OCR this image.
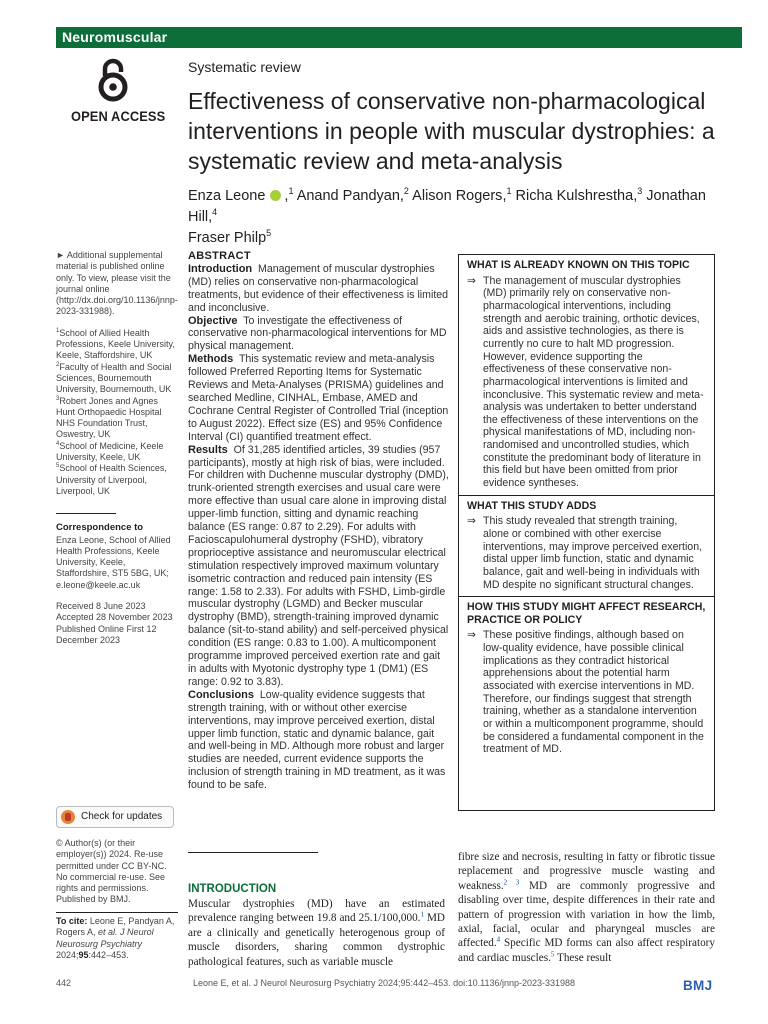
Neuromuscular
OPEN ACCESS
Systematic review
Effectiveness of conservative non-pharmacological interventions in people with muscular dystrophies: a systematic review and meta-analysis
Enza Leone ,$^1$ Anand Pandyan,$^2$ Alison Rogers,$^1$ Richa Kulshrestha,$^3$ Jonathan Hill,$^4$
Fraser Philp$^5$

► Additional supplemental material is published online only. To view, please visit the journal online (http://dx.doi.org/10.1136/jnnp-2023-331988).

$^1$School of Allied Health Professions, Keele University, Keele, Staffordshire, UK
$^2$Faculty of Health and Social Sciences, Bournemouth University, Bournemouth, UK
$^3$Robert Jones and Agnes Hunt Orthopaedic Hospital NHS Foundation Trust, Oswestry, UK
$^4$School of Medicine, Keele University, Keele, UK
$^5$School of Health Sciences, University of Liverpool, Liverpool, UK
Correspondence to

Enza Leone, School of Allied Health Professions, Keele University, Keele, Staffordshire, ST5 5BG, UK; e.leone@keele.ac.uk

Received 8 June 2023
Accepted 28 November 2023
Published Online First 12 December 2023
Check for updates
© Author(s) (or their employer(s)) 2024. Re-use permitted under CC BY-NC. No commercial re-use. See rights and permissions. Published by BMJ.
To cite: Leone E, Pandyan A, Rogers A, et al. J Neurol Neurosurg Psychiatry
2024;95:442–453.
ABSTRACT
Introduction Management of muscular dystrophies (MD) relies on conservative non-pharmacological treatments, but evidence of their effectiveness is limited and inconclusive.
Objective To investigate the effectiveness of conservative non-pharmacological interventions for MD physical management.
Methods This systematic review and meta-analysis followed Preferred Reporting Items for Systematic Reviews and Meta-Analyses (PRISMA) guidelines and searched Medline, CINHAL, Embase, AMED and Cochrane Central Register of Controlled Trial (inception to August 2022). Effect size (ES) and 95% Confidence Interval (CI) quantified treatment effect.
Results Of 31,285 identified articles, 39 studies (957 participants), mostly at high risk of bias, were included. For children with Duchenne muscular dystrophy (DMD), trunk-oriented strength exercises and usual care were more effective than usual care alone in improving distal upper-limb function, sitting and dynamic reaching balance (ES range: 0.87 to 2.29). For adults with Facioscapulohumeral dystrophy (FSHD), vibratory proprioceptive assistance and neuromuscular electrical stimulation respectively improved maximum voluntary isometric contraction and reduced pain intensity (ES range: 1.58 to 2.33). For adults with FSHD, Limb-girdle muscular dystrophy (LGMD) and Becker muscular dystrophy (BMD), strength-training improved dynamic balance (sit-to-stand ability) and self-perceived physical condition (ES range: 0.83 to 1.00). A multicomponent programme improved perceived exertion rate and gait in adults with Myotonic dystrophy type 1 (DM1) (ES range: 0.92 to 3.83).
Conclusions Low-quality evidence suggests that strength training, with or without other exercise interventions, may improve perceived exertion, distal upper limb function, static and dynamic balance, gait and well-being in MD. Although more robust and larger studies are needed, current evidence supports the inclusion of strength training in MD treatment, as it was found to be safe.
WHAT IS ALREADY KNOWN ON THIS TOPIC
⇒ The management of muscular dystrophies (MD) primarily rely on conservative non-pharmacological interventions, including strength and aerobic training, orthotic devices, aids and assistive technologies, as there is currently no cure to halt MD progression. However, evidence supporting the effectiveness of these conservative non-pharmacological interventions is limited and inconclusive. This systematic review and meta-analysis was undertaken to better understand the effectiveness of these interventions on the physical manifestations of MD, including non-randomised and uncontrolled studies, which constitute the predominant body of literature in this field but have been omitted from prior evidence syntheses.
WHAT THIS STUDY ADDS
⇒ This study revealed that strength training, alone or combined with other exercise interventions, may improve perceived exertion, distal upper limb function, static and dynamic balance, gait and well-being in individuals with MD despite no significant structural changes.
HOW THIS STUDY MIGHT AFFECT RESEARCH, PRACTICE OR POLICY
⇒ These positive findings, although based on low-quality evidence, have possible clinical implications as they contradict historical apprehensions about the potential harm associated with exercise interventions in MD. Therefore, our findings suggest that strength training, whether as a standalone intervention or within a multicomponent programme, should be considered a fundamental component in the treatment of MD.
INTRODUCTION
Muscular dystrophies (MD) have an estimated prevalence ranging between 19.8 and 25.1/100,000.$^1$ MD are a clinically and genetically heterogenous group of muscle disorders, sharing common dystrophic pathological features, such as variable muscle
fibre size and necrosis, resulting in fatty or fibrotic tissue replacement and progressive muscle wasting and weakness.$^{2 3}$ MD are commonly progressive and disabling over time, despite differences in their rate and pattern of progression with variation in how the limb, axial, facial, ocular and pharyngeal muscles are affected.$^4$ Specific MD forms can also affect respiratory and cardiac muscles.$^5$ These result
442	Leone E, et al. J Neurol Neurosurg Psychiatry 2024;95:442–453. doi:10.1136/jnnp-2023-331988	BMJ
